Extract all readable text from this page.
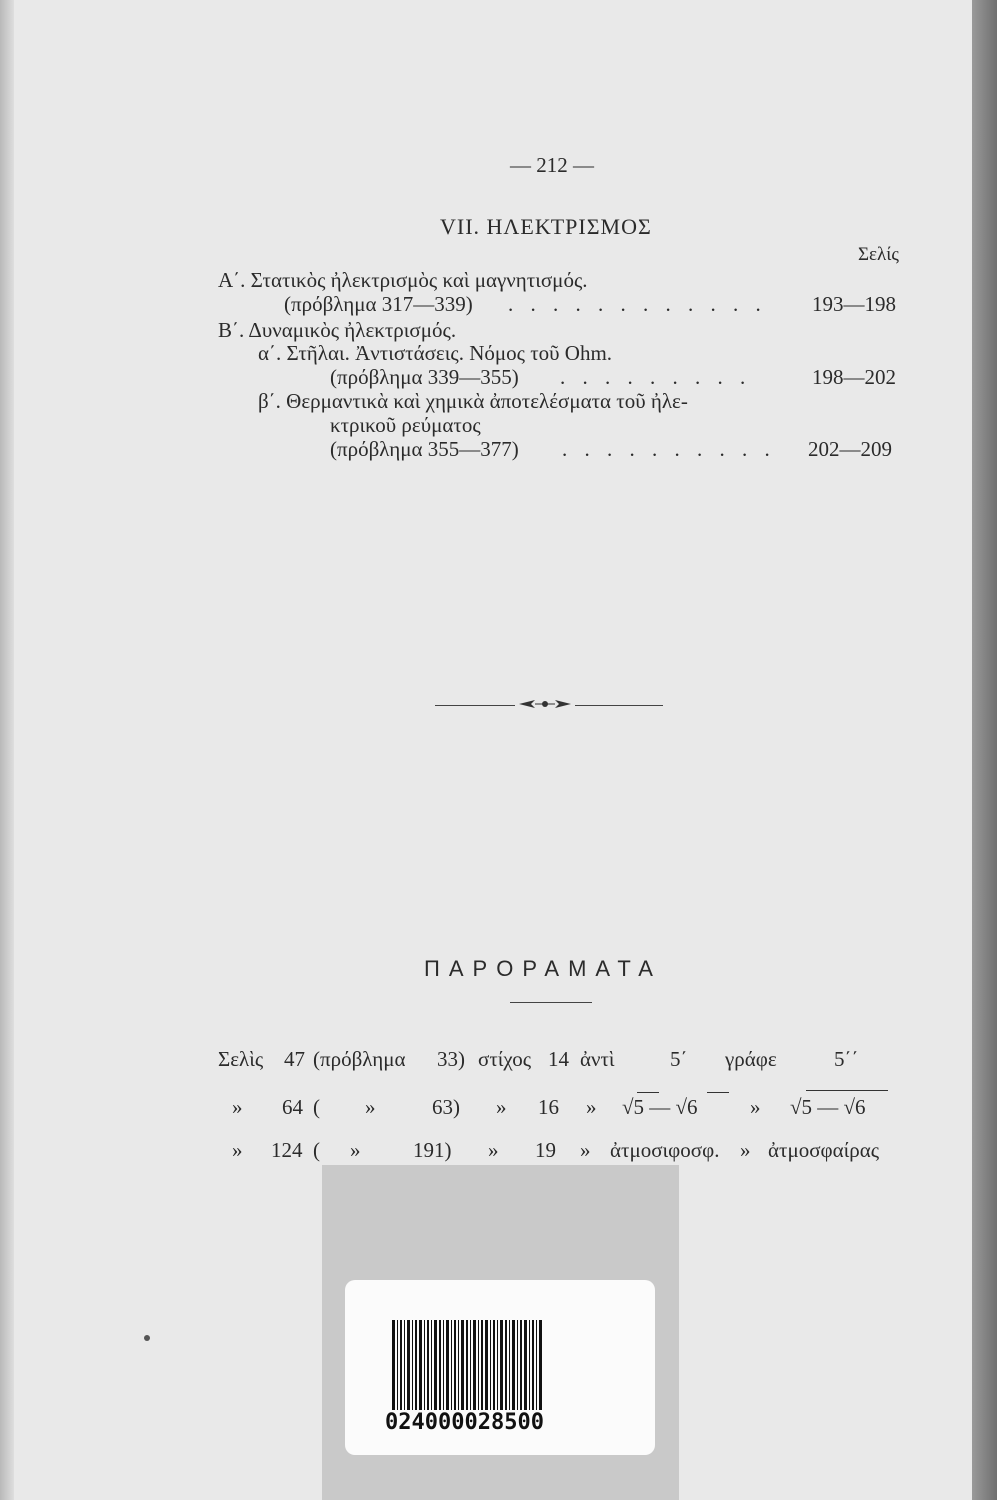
— 212 —
VII. ΗΛΕΚΤΡΙΣΜΟΣ
Σελίς
Α΄. Στατικὸς ἠλεκτρισμὸς καὶ μαγνητισμός.
(πρόβλημα 317—339) . . . . . . . . . . . . 193—198
Β΄. Δυναμικὸς ἠλεκτρισμός.
α΄. Στῆλαι. Ἀντιστάσεις. Νόμος τοῦ Ohm.
(πρόβλημα 339—355) . . . . . . . . .	198—202
β΄. Θερμαντικὰ καὶ χημικὰ ἀποτελέσματα τοῦ ἠλε-
κτρικοῦ ρεύματος
(πρόβλημα 355—377) . . . . . . . . . . 202—209
ΠΑΡΟΡΑΜΑΤΑ
Σελὶς 47 (πρόβλημα 33) στίχος 14 ἀντὶ	5΄ γράφε	5΄΄
» 64 ( »	63) » 16 » √5 — √6 » √5 — √6
» 124 ( »	191) » 19 » ἀτμοσιφοσφ. » ἀτμοσφαίρας
024000028500
